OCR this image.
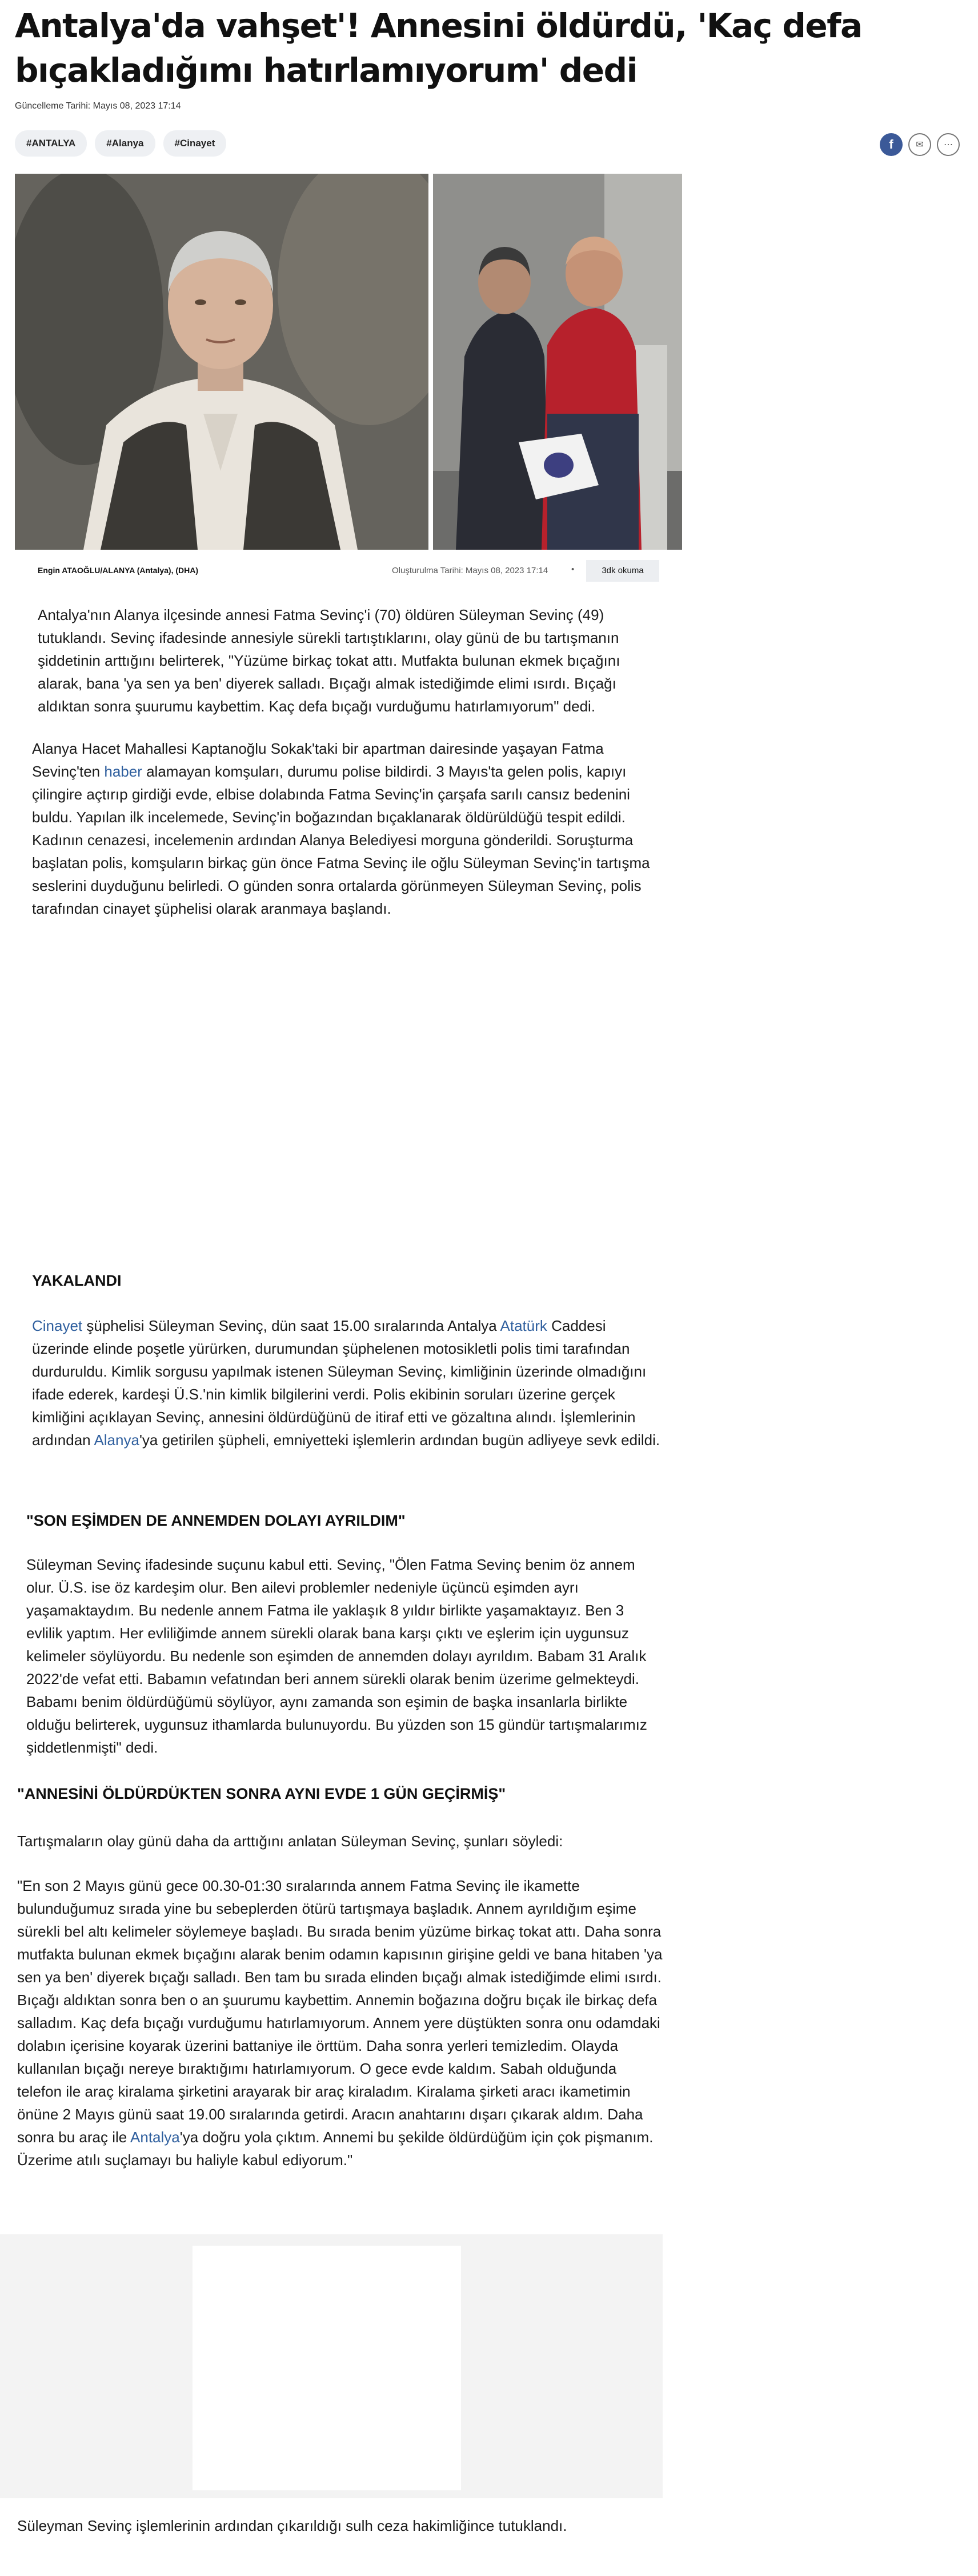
Antalya'da vahşet'! Annesini öldürdü, 'Kaç defa bıçakladığımı hatırlamıyorum' dedi
Güncelleme Tarihi: Mayıs 08, 2023 17:14
#ANTALYA	#Alanya	#Cinayet	f	✉	⋯
Engin ATAOĞLU/ALANYA (Antalya), (DHA)	Oluşturulma Tarihi: Mayıs 08, 2023 17:14	•	3dk okuma

Antalya'nın Alanya ilçesinde annesi Fatma Sevinç'i (70) öldüren Süleyman Sevinç (49) tutuklandı. Sevinç ifadesinde annesiyle sürekli tartıştıklarını, olay günü de bu tartışmanın şiddetinin arttığını belirterek, "Yüzüme birkaç tokat attı. Mutfakta bulunan ekmek bıçağını alarak, bana 'ya sen ya ben' diyerek salladı. Bıçağı almak istediğimde elimi ısırdı. Bıçağı aldıktan sonra şuurumu kaybettim. Kaç defa bıçağı vurduğumu hatırlamıyorum" dedi.

Alanya Hacet Mahallesi Kaptanoğlu Sokak'taki bir apartman dairesinde yaşayan Fatma Sevinç'ten haber alamayan komşuları, durumu polise bildirdi. 3 Mayıs'ta gelen polis, kapıyı çilingire açtırıp girdiği evde, elbise dolabında Fatma Sevinç'in çarşafa sarılı cansız bedenini buldu. Yapılan ilk incelemede, Sevinç'in boğazından bıçaklanarak öldürüldüğü tespit edildi. Kadının cenazesi, incelemenin ardından Alanya Belediyesi morguna gönderildi. Soruşturma başlatan polis, komşuların birkaç gün önce Fatma Sevinç ile oğlu Süleyman Sevinç'in tartışma seslerini duyduğunu belirledi. O günden sonra ortalarda görünmeyen Süleyman Sevinç, polis tarafından cinayet şüphelisi olarak aranmaya başlandı.

YAKALANDI

Cinayet şüphelisi Süleyman Sevinç, dün saat 15.00 sıralarında Antalya Atatürk Caddesi üzerinde elinde poşetle yürürken, durumundan şüphelenen motosikletli polis timi tarafından durduruldu. Kimlik sorgusu yapılmak istenen Süleyman Sevinç, kimliğinin üzerinde olmadığını ifade ederek, kardeşi Ü.S.'nin kimlik bilgilerini verdi. Polis ekibinin soruları üzerine gerçek kimliğini açıklayan Sevinç, annesini öldürdüğünü de itiraf etti ve gözaltına alındı. İşlemlerinin ardından Alanya'ya getirilen şüpheli, emniyetteki işlemlerin ardından bugün adliyeye sevk edildi.

"SON EŞİMDEN DE ANNEMDEN DOLAYI AYRILDIM"

Süleyman Sevinç ifadesinde suçunu kabul etti. Sevinç, "Ölen Fatma Sevinç benim öz annem olur. Ü.S. ise öz kardeşim olur. Ben ailevi problemler nedeniyle üçüncü eşimden ayrı yaşamaktaydım. Bu nedenle annem Fatma ile yaklaşık 8 yıldır birlikte yaşamaktayız. Ben 3 evlilik yaptım. Her evliliğimde annem sürekli olarak bana karşı çıktı ve eşlerim için uygunsuz kelimeler söylüyordu. Bu nedenle son eşimden de annemden dolayı ayrıldım. Babam 31 Aralık 2022'de vefat etti. Babamın vefatından beri annem sürekli olarak benim üzerime gelmekteydi. Babamı benim öldürdüğümü söylüyor, aynı zamanda son eşimin de başka insanlarla birlikte olduğu belirterek, uygunsuz ithamlarda bulunuyordu. Bu yüzden son 15 gündür tartışmalarımız şiddetlenmişti" dedi.

"ANNESİNİ ÖLDÜRDÜKTEN SONRA AYNI EVDE 1 GÜN GEÇİRMİŞ"

Tartışmaların olay günü daha da arttığını anlatan Süleyman Sevinç, şunları söyledi:

"En son 2 Mayıs günü gece 00.30-01:30 sıralarında annem Fatma Sevinç ile ikamette bulunduğumuz sırada yine bu sebeplerden ötürü tartışmaya başladık. Annem ayrıldığım eşime sürekli bel altı kelimeler söylemeye başladı. Bu sırada benim yüzüme birkaç tokat attı. Daha sonra mutfakta bulunan ekmek bıçağını alarak benim odamın kapısının girişine geldi ve bana hitaben 'ya sen ya ben' diyerek bıçağı salladı. Ben tam bu sırada elinden bıçağı almak istediğimde elimi ısırdı. Bıçağı aldıktan sonra ben o an şuurumu kaybettim. Annemin boğazına doğru bıçak ile birkaç defa salladım. Kaç defa bıçağı vurduğumu hatırlamıyorum. Annem yere düştükten sonra onu odamdaki dolabın içerisine koyarak üzerini battaniye ile örttüm. Daha sonra yerleri temizledim. Olayda kullanılan bıçağı nereye bıraktığımı hatırlamıyorum. O gece evde kaldım. Sabah olduğunda telefon ile araç kiralama şirketini arayarak bir araç kiraladım. Kiralama şirketi aracı ikametimin önüne 2 Mayıs günü saat 19.00 sıralarında getirdi. Aracın anahtarını dışarı çıkarak aldım. Daha sonra bu araç ile Antalya'ya doğru yola çıktım. Annemi bu şekilde öldürdüğüm için çok pişmanım. Üzerime atılı suçlamayı bu haliyle kabul ediyorum."

Süleyman Sevinç işlemlerinin ardından çıkarıldığı sulh ceza hakimliğince tutuklandı.
